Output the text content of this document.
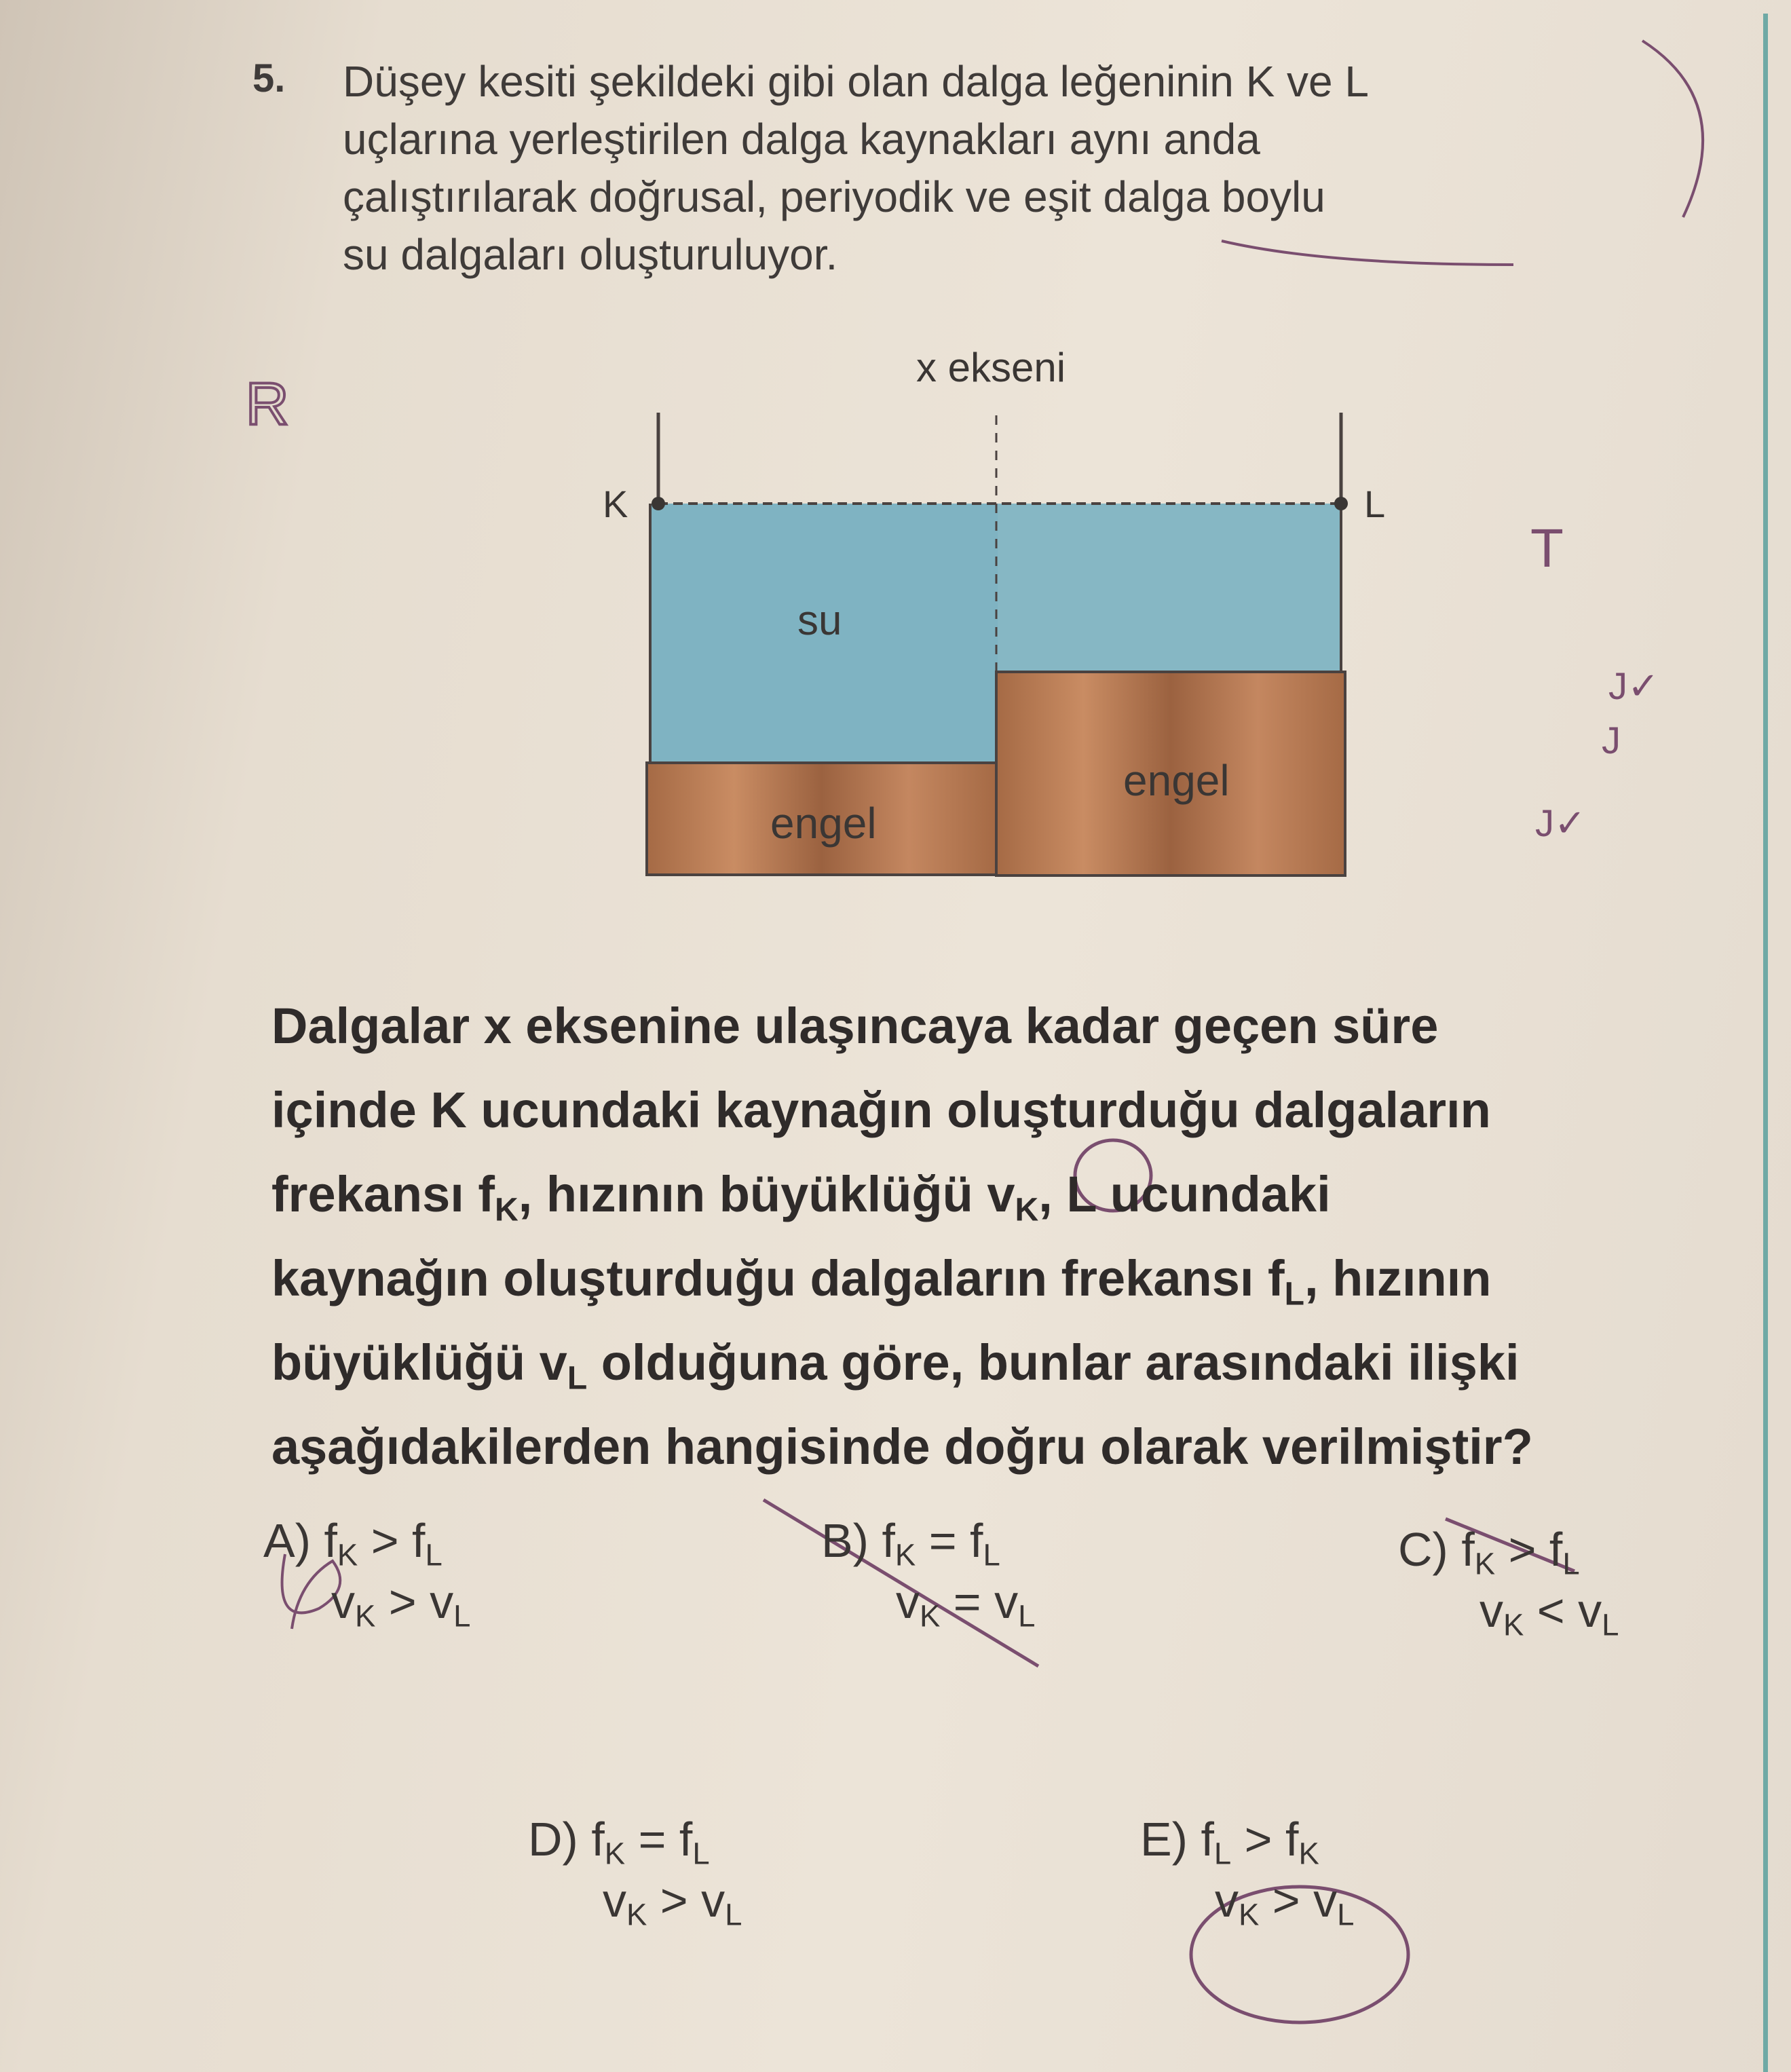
5. Düşey kesiti şekildeki gibi olan dalga leğeninin K ve L
uçlarına yerleştirilen dalga kaynakları aynı anda
çalıştırılarak doğrusal, periyodik ve eşit dalga boylu
su dalgaları oluşturuluyor.
x ekseni
K	L
su
engel
engel
R
T
J✓
J
J✓
Dalgalar x eksenine ulaşıncaya kadar geçen süre
içinde K ucundaki kaynağın oluşturduğu dalgaların
frekansı $f_K$, hızının büyüklüğü $v_K$, L ucundaki
kaynağın oluşturduğu dalgaların frekansı $f_L$, hızının
büyüklüğü $v_L$ olduğuna göre, bunlar arasındaki ilişki
aşağıdakilerden hangisinde doğru olarak verilmiştir?
A) $f_K > f_L$
$v_K > v_L$
B) $f_K = f_L$
$v_K = v_L$
C) $f_K > f_L$
$v_K < v_L$
D) $f_K = f_L$
$v_K > v_L$
E) $f_L > f_K$
$v_K > v_L$
